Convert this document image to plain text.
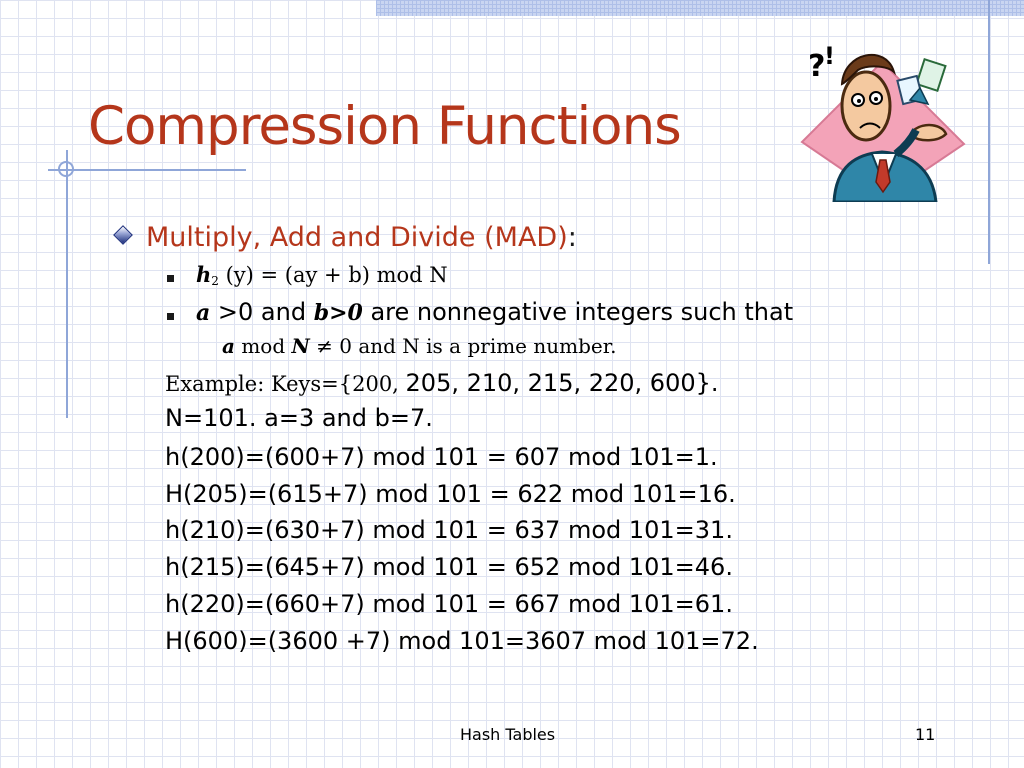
Compression Functions
?
!
Multiply, Add and Divide (MAD):
$h_2$ (y) = (ay + b) mod N
a >0 and b>0 are nonnegative integers such that
a mod N ≠ 0 and N is a prime number.
Example: Keys={200, 205, 210, 215, 220, 600}.
N=101. a=3 and b=7.
h(200)=(600+7) mod 101 = 607 mod 101=1.
H(205)=(615+7) mod 101 = 622 mod 101=16.
h(210)=(630+7) mod 101 = 637 mod 101=31.
h(215)=(645+7) mod 101 = 652 mod 101=46.
h(220)=(660+7) mod 101 = 667 mod 101=61.
H(600)=(3600 +7) mod 101=3607 mod 101=72.
Hash Tables	11
